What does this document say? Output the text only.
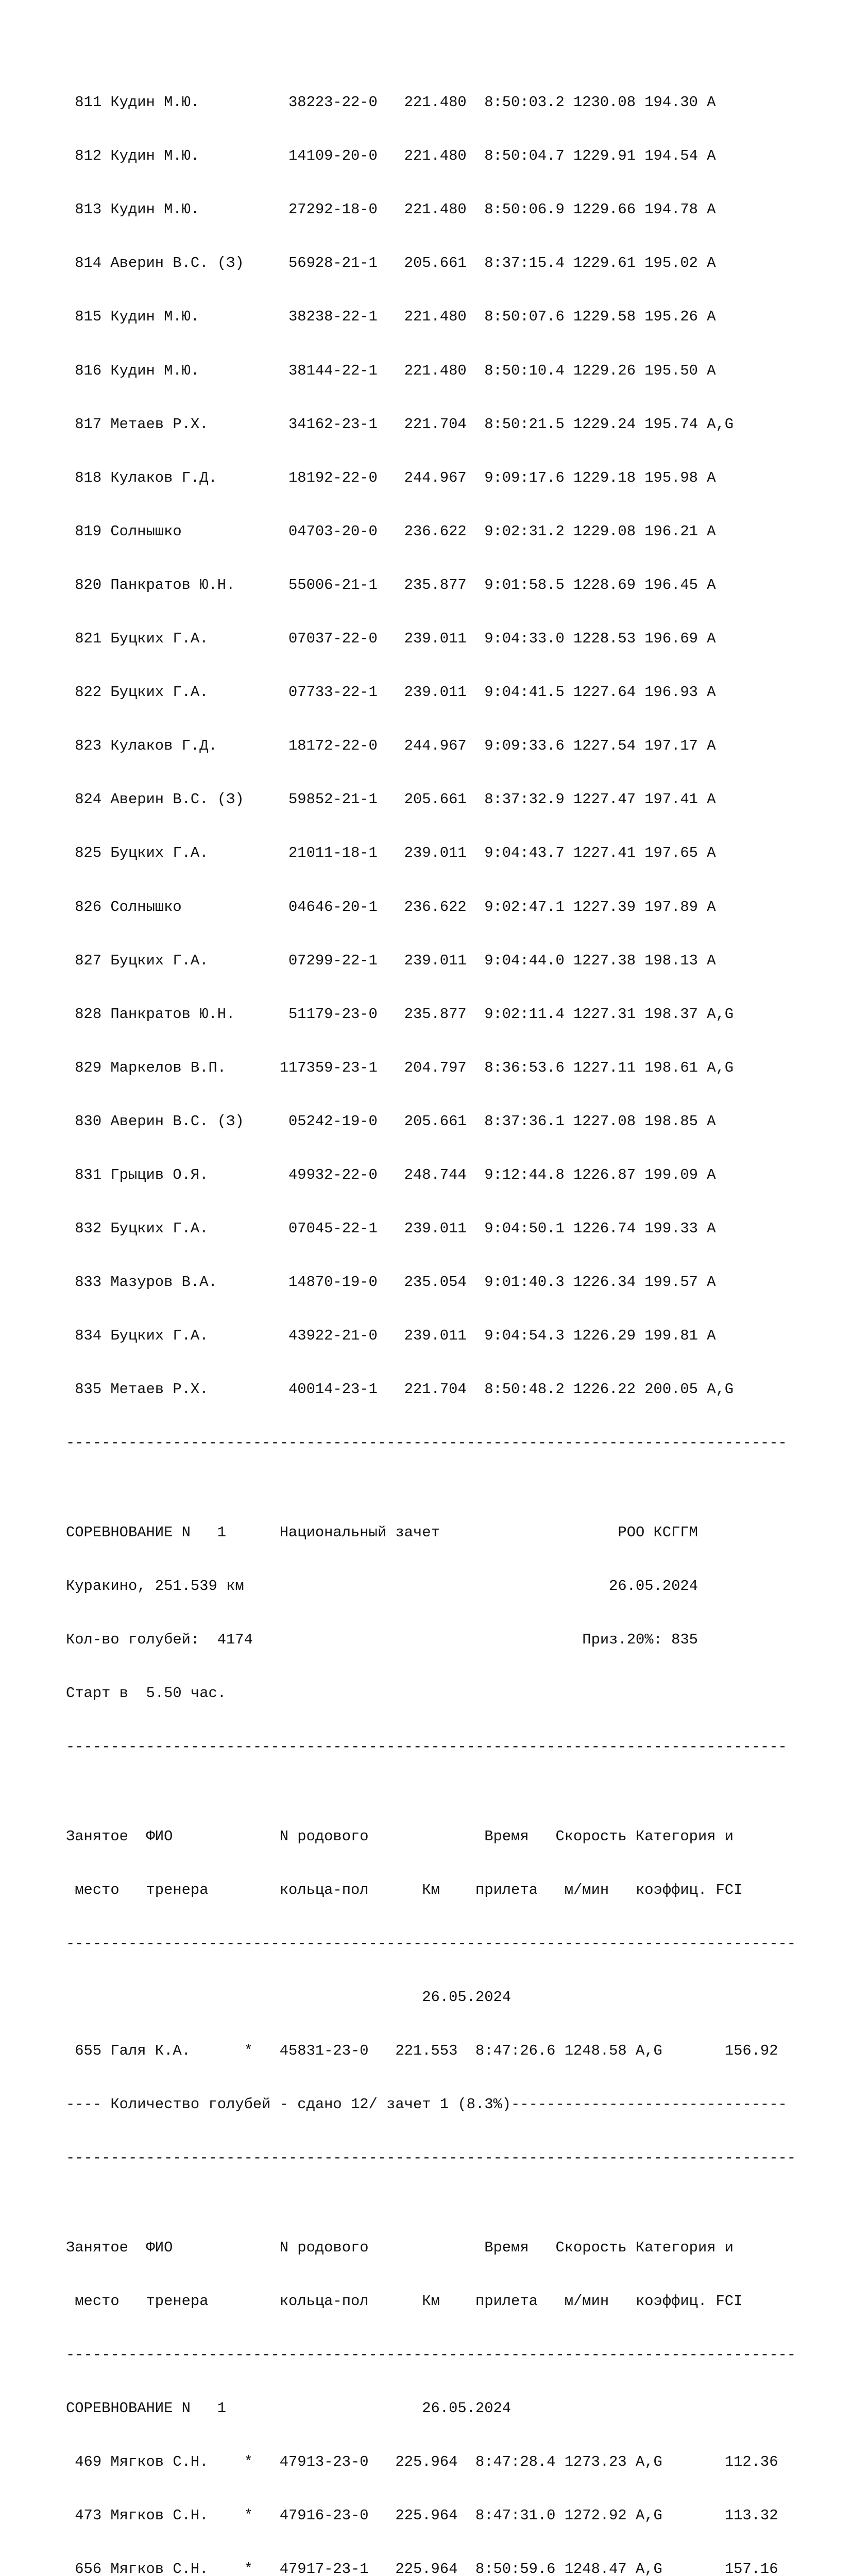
811 Кудин М.Ю.          38223-22-0   221.480  8:50:03.2 1230.08 194.30 A

812 Кудин М.Ю.          14109-20-0   221.480  8:50:04.7 1229.91 194.54 A

813 Кудин М.Ю.          27292-18-0   221.480  8:50:06.9 1229.66 194.78 A

814 Аверин В.С. (З)     56928-21-1   205.661  8:37:15.4 1229.61 195.02 A

815 Кудин М.Ю.          38238-22-1   221.480  8:50:07.6 1229.58 195.26 A

816 Кудин М.Ю.          38144-22-1   221.480  8:50:10.4 1229.26 195.50 A

817 Метаев Р.Х.         34162-23-1   221.704  8:50:21.5 1229.24 195.74 A,G

818 Кулаков Г.Д.        18192-22-0   244.967  9:09:17.6 1229.18 195.98 A

819 Солнышко            04703-20-0   236.622  9:02:31.2 1229.08 196.21 A

820 Панкратов Ю.Н.      55006-21-1   235.877  9:01:58.5 1228.69 196.45 A

821 Буцких Г.А.         07037-22-0   239.011  9:04:33.0 1228.53 196.69 A

822 Буцких Г.А.         07733-22-1   239.011  9:04:41.5 1227.64 196.93 A

823 Кулаков Г.Д.        18172-22-0   244.967  9:09:33.6 1227.54 197.17 A

824 Аверин В.С. (З)     59852-21-1   205.661  8:37:32.9 1227.47 197.41 A

825 Буцких Г.А.         21011-18-1   239.011  9:04:43.7 1227.41 197.65 A

826 Солнышко            04646-20-1   236.622  9:02:47.1 1227.39 197.89 A

827 Буцких Г.А.         07299-22-1   239.011  9:04:44.0 1227.38 198.13 A

828 Панкратов Ю.Н.      51179-23-0   235.877  9:02:11.4 1227.31 198.37 A,G

829 Маркелов В.П.      117359-23-1   204.797  8:36:53.6 1227.11 198.61 A,G

830 Аверин В.С. (З)     05242-19-0   205.661  8:37:36.1 1227.08 198.85 A

831 Грыцив О.Я.         49932-22-0   248.744  9:12:44.8 1226.87 199.09 A

832 Буцких Г.А.         07045-22-1   239.011  9:04:50.1 1226.74 199.33 A

833 Мазуров В.А.        14870-19-0   235.054  9:01:40.3 1226.34 199.57 A

834 Буцких Г.А.         43922-21-0   239.011  9:04:54.3 1226.29 199.81 A

835 Метаев Р.Х.         40014-23-1   221.704  8:50:48.2 1226.22 200.05 A,G

---------------------------------------------------------------------------------

СОРЕВНОВАНИЕ N   1      Национальный зачет                    РОО КСГГМ

Куракино, 251.539 км                                         26.05.2024

Кол-во голубей:  4174                                     Приз.20%: 835

Старт в  5.50 час.

---------------------------------------------------------------------------------

Занятое  ФИО            N родового             Время   Скорость Категория и

место   тренера        кольца-пол      Км    прилета   м/мин   коэффиц. FCI

----------------------------------------------------------------------------------

26.05.2024

655 Галя К.А.      *   45831-23-0   221.553  8:47:26.6 1248.58 A,G       156.92

---- Количество голубей - сдано 12/ зачет 1 (8.3%)-------------------------------

----------------------------------------------------------------------------------

Занятое  ФИО            N родового             Время   Скорость Категория и

место   тренера        кольца-пол      Км    прилета   м/мин   коэффиц. FCI

----------------------------------------------------------------------------------

СОРЕВНОВАНИЕ N   1                      26.05.2024

469 Мягков С.Н.    *   47913-23-0   225.964  8:47:28.4 1273.23 A,G       112.36

473 Мягков С.Н.    *   47916-23-0   225.964  8:47:31.0 1272.92 A,G       113.32

656 Мягков С.Н.    *   47917-23-1   225.964  8:50:59.6 1248.47 A,G       157.16
